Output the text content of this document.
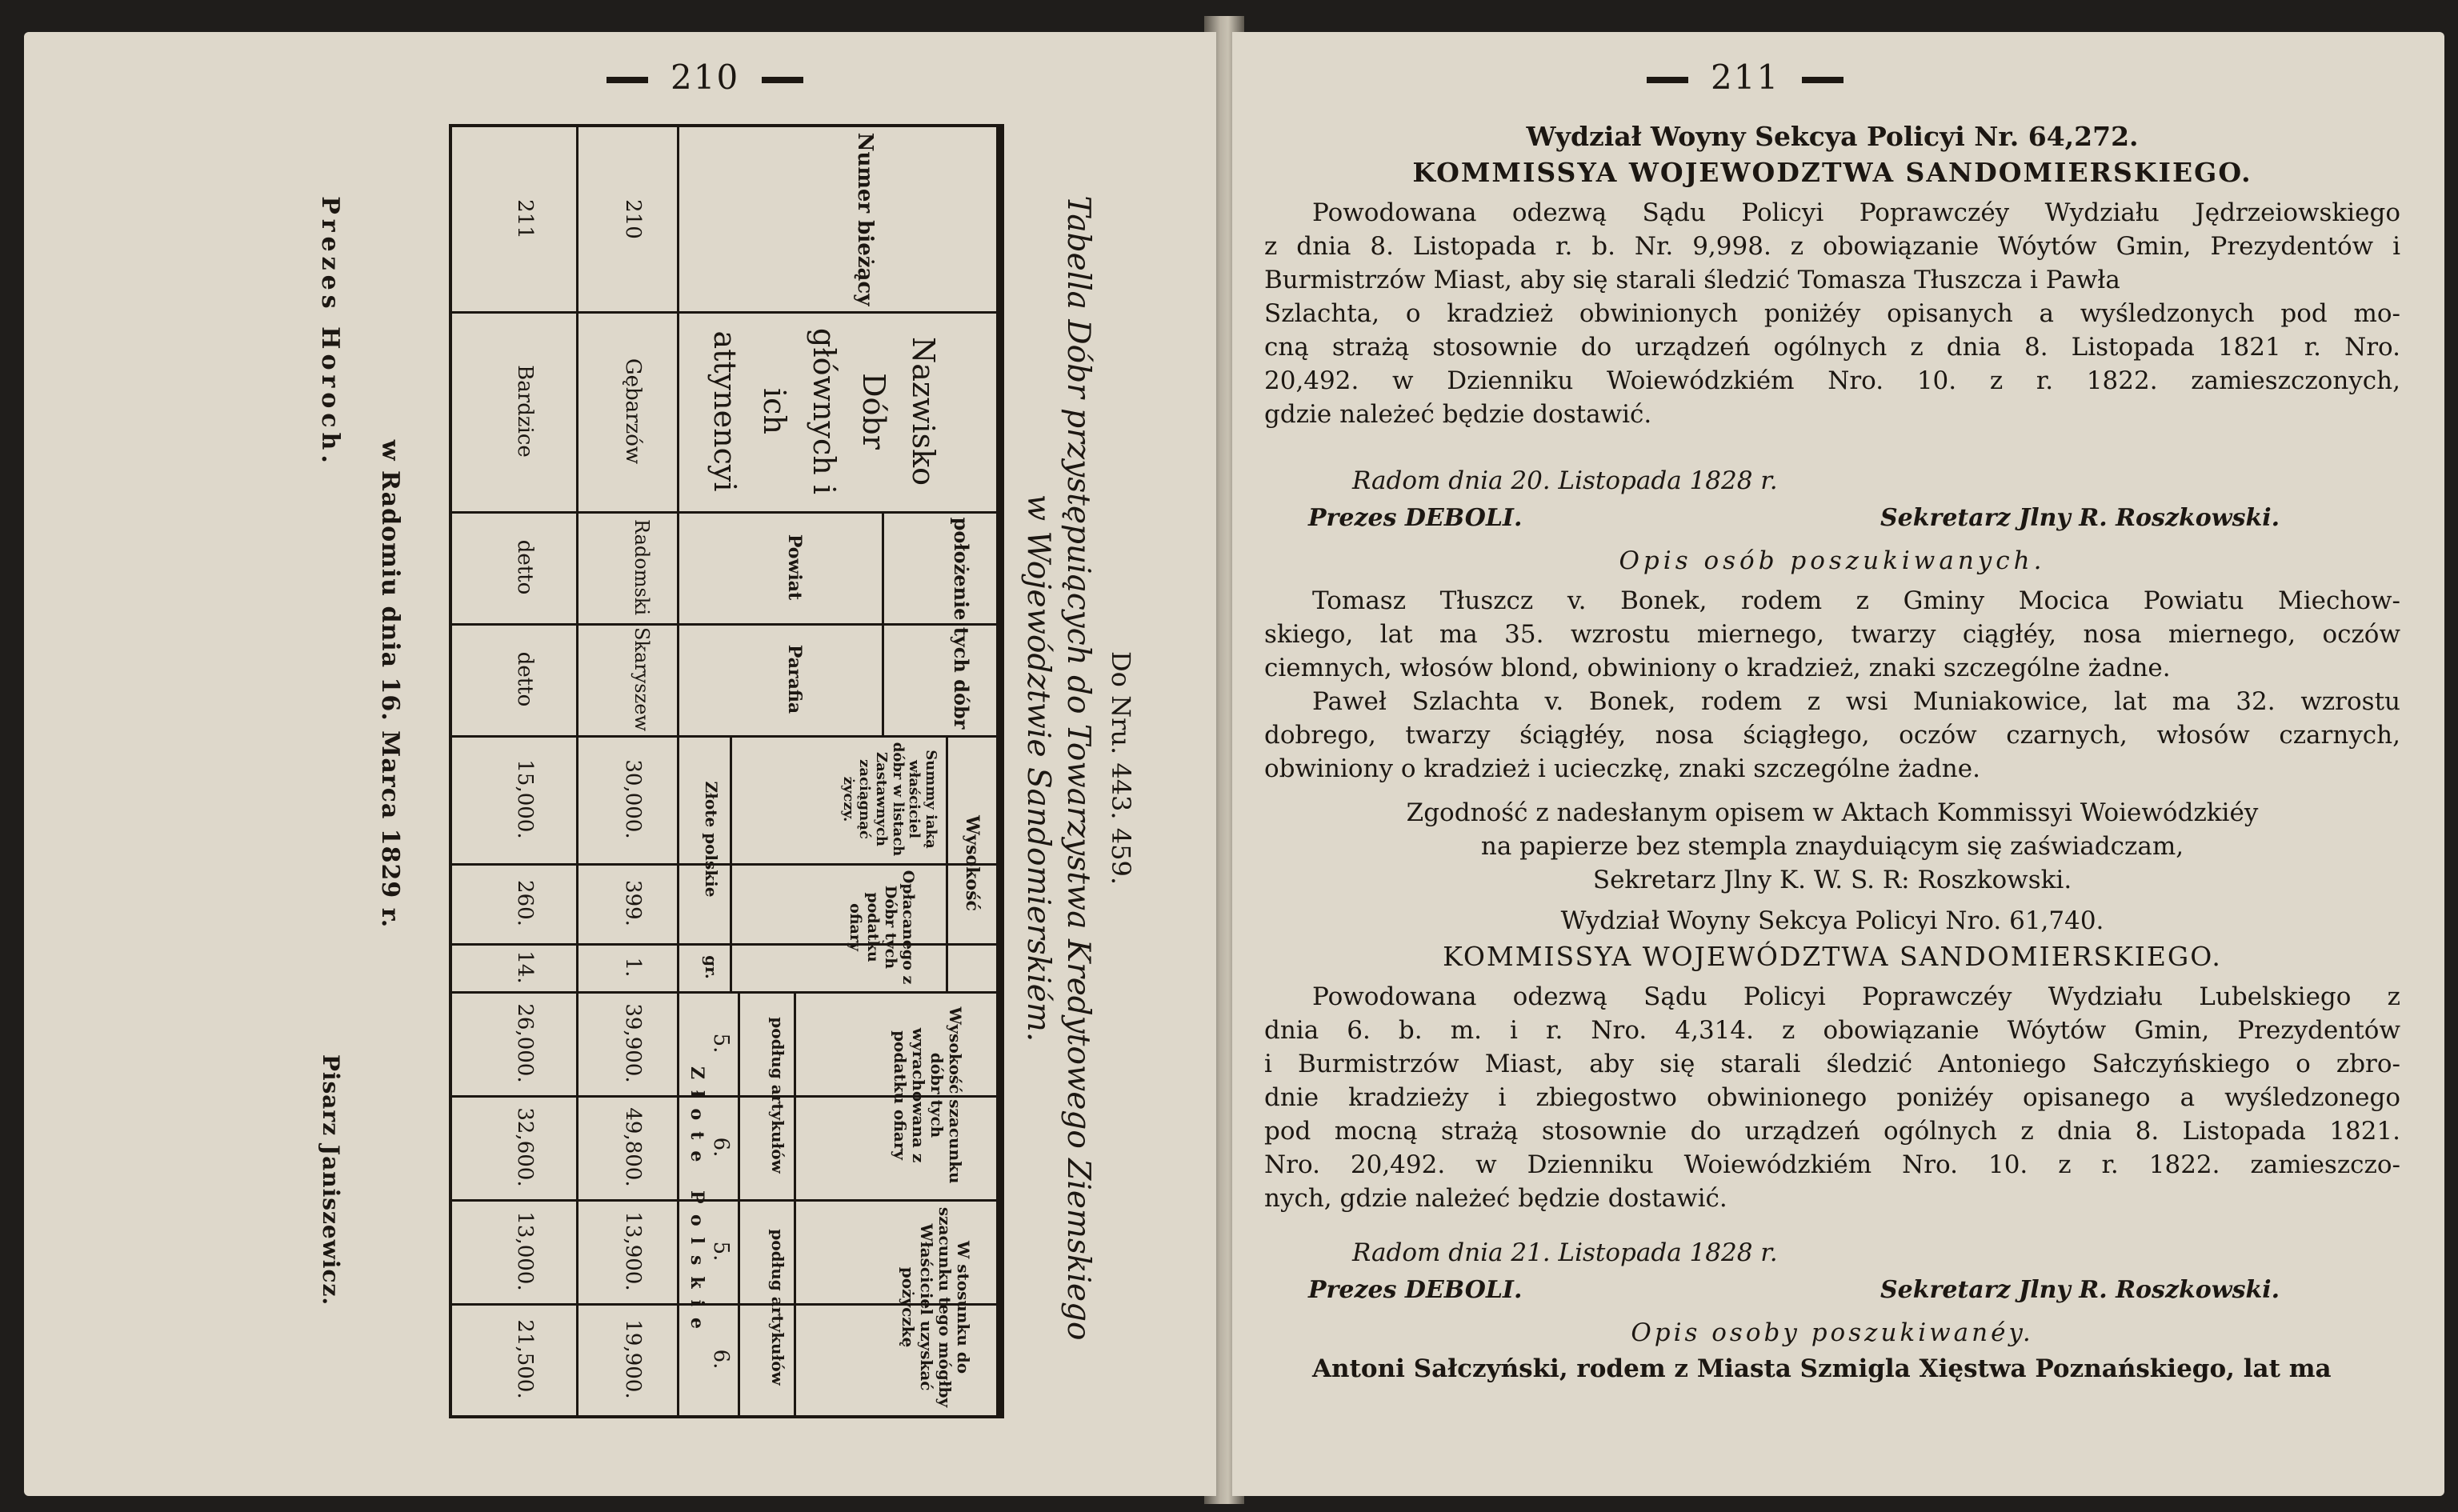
210
Do Nru. 443. 459.
Tabella Dóbr przystępuiących do Towarzystwa Kredytowego Ziemskiego
w Województwie Sandomierskiém.
Numer bieżący
Nazwisko Dóbr głównych i ich attynencyi
położenie tych dóbr
Powiat
Parafia
Wysokość
Summy iaką właściciel dóbr w listach Zastawnych zaciągnąć życzy.
Opłacanego z Dóbr tych podatku ofiary
Złote polskie
gr.
Wysokość szacunku dóbr tych wyrachowana z podatku ofiary
W stosunku do szacunku tego mógłby Właściciel uzyskać pożyczkę
podług artykułów
podług artykułów
5.
6.
5.
6.
Złote Polskie
210
Gębarzów
Radomski
Skaryszew
30,000.
399.
1.
39,900.
49,800.
13,900.
19,900.
211
Bardzice
detto
detto
15,000.
260.
14.
26,000.
32,600.
13,000.
21,500.
w Radomiu dnia 16. Marca 1829 r.
Prezes Horoch.
Pisarz Janiszewicz.
211
Wydział Woyny Sekcya Policyi Nr. 64,272.
KOMMISSYA WOJEWODZTWA SANDOMIERSKIEGO.
Powodowana odezwą Sądu Policyi Poprawczéy Wydziału Jędrzeiowskiego
z dnia 8. Listopada r. b. Nr. 9,998. z obowiązanie Wóytów Gmin, Prezydentów i Burmistrzów Miast, aby się starali śledzić Tomasza Tłuszcza i Pawła
Szlachta, o kradzież obwinionych poniżéy opisanych a wyśledzonych pod mo-
cną strażą stosownie do urządzeń ogólnych z dnia 8. Listopada 1821 r. Nro.
20,492. w Dzienniku Woiewódzkiém Nro. 10. z r. 1822. zamieszczonych,
gdzie należeć będzie dostawić.
Radom dnia 20. Listopada 1828 r.
Prezes DEBOLI.	Sekretarz Jlny R. Roszkowski.
Opis osób poszukiwanych.
Tomasz Tłuszcz v. Bonek, rodem z Gminy Mocica Powiatu Miechow-
skiego, lat ma 35. wzrostu miernego, twarzy ciągłéy, nosa miernego, oczów
ciemnych, włosów blond, obwiniony o kradzież, znaki szczególne żadne.
Paweł Szlachta v. Bonek, rodem z wsi Muniakowice, lat ma 32. wzrostu
dobrego, twarzy ściągłéy, nosa ściągłego, oczów czarnych, włosów czarnych,
obwiniony o kradzież i ucieczkę, znaki szczególne żadne.
Zgodność z nadesłanym opisem w Aktach Kommissyi Woiewódzkiéy
na papierze bez stempla znayduiącym się zaświadczam,
Sekretarz Jlny K. W. S. R: Roszkowski.
Wydział Woyny Sekcya Policyi Nro. 61,740.
KOMMISSYA WOJEWÓDZTWA SANDOMIERSKIEGO.
Powodowana odezwą Sądu Policyi Poprawczéy Wydziału Lubelskiego z
dnia 6. b. m. i r. Nro. 4,314. z obowiązanie Wóytów Gmin, Prezydentów
i Burmistrzów Miast, aby się starali śledzić Antoniego Sałczyńskiego o zbro-
dnie kradzieży i zbiegostwo obwinionego poniżéy opisanego a wyśledzonego
pod mocną strażą stosownie do urządzeń ogólnych z dnia 8. Listopada 1821.
Nro. 20,492. w Dzienniku Woiewódzkiém Nro. 10. z r. 1822. zamieszczo-
nych, gdzie należeć będzie dostawić.
Radom dnia 21. Listopada 1828 r.
Prezes DEBOLI.	Sekretarz Jlny R. Roszkowski.
Opis osoby poszukiwanéy.
Antoni Sałczyński, rodem z Miasta Szmigla Xięstwa Poznańskiego, lat ma
